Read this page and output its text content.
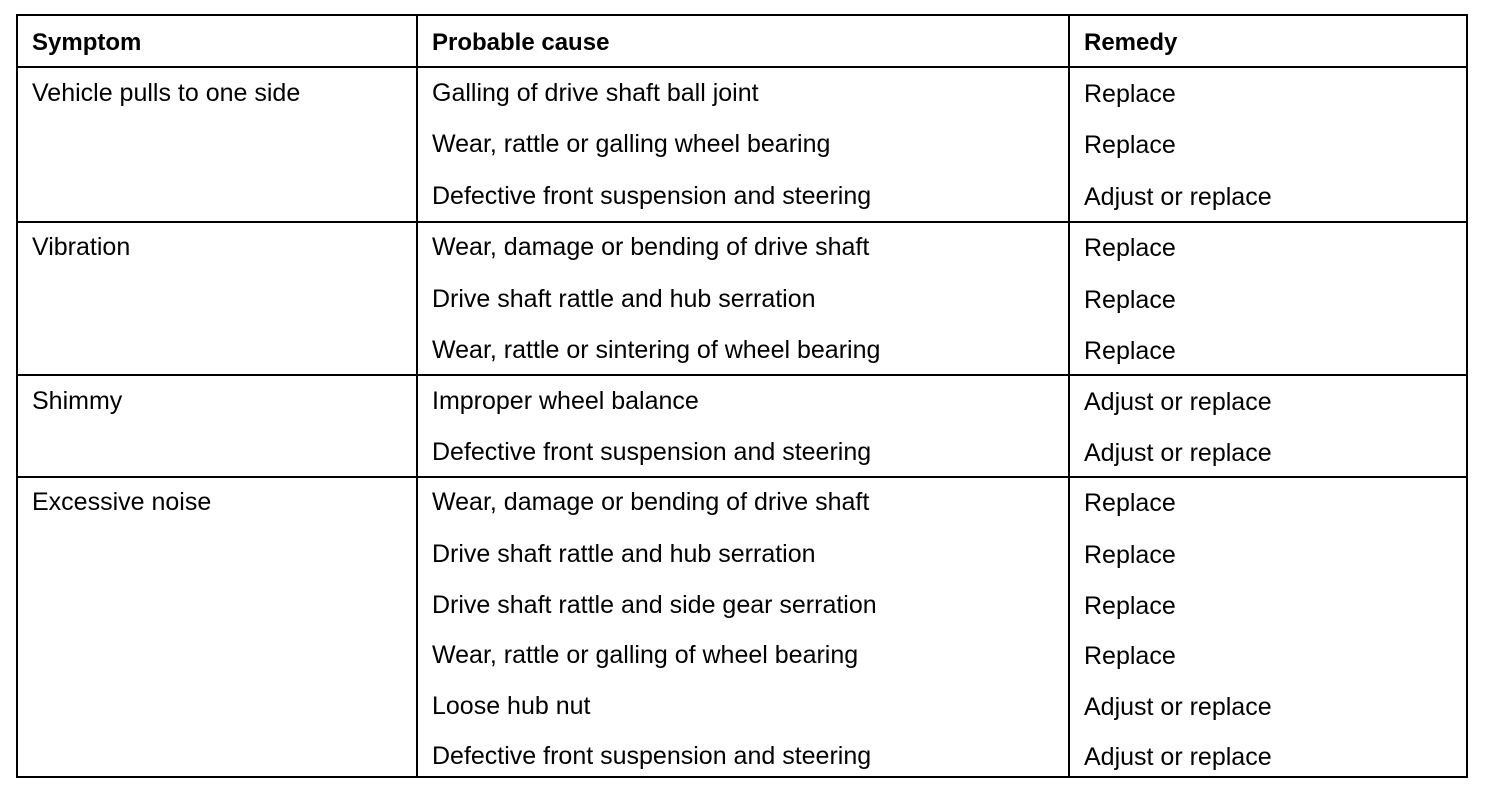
Symptom	Probable cause	Remedy
Vehicle pulls to one side	Galling of drive shaft ball joint	Replace
Wear, rattle or galling wheel bearing	Replace
Defective front suspension and steering	Adjust or replace
Vibration	Wear, damage or bending of drive shaft	Replace
Drive shaft rattle and hub serration	Replace
Wear, rattle or sintering of wheel bearing	Replace
Shimmy	Improper wheel balance	Adjust or replace
Defective front suspension and steering	Adjust or replace
Excessive noise	Wear, damage or bending of drive shaft	Replace
Drive shaft rattle and hub serration	Replace
Drive shaft rattle and side gear serration	Replace
Wear, rattle or galling of wheel bearing	Replace
Loose hub nut	Adjust or replace
Defective front suspension and steering	Adjust or replace
